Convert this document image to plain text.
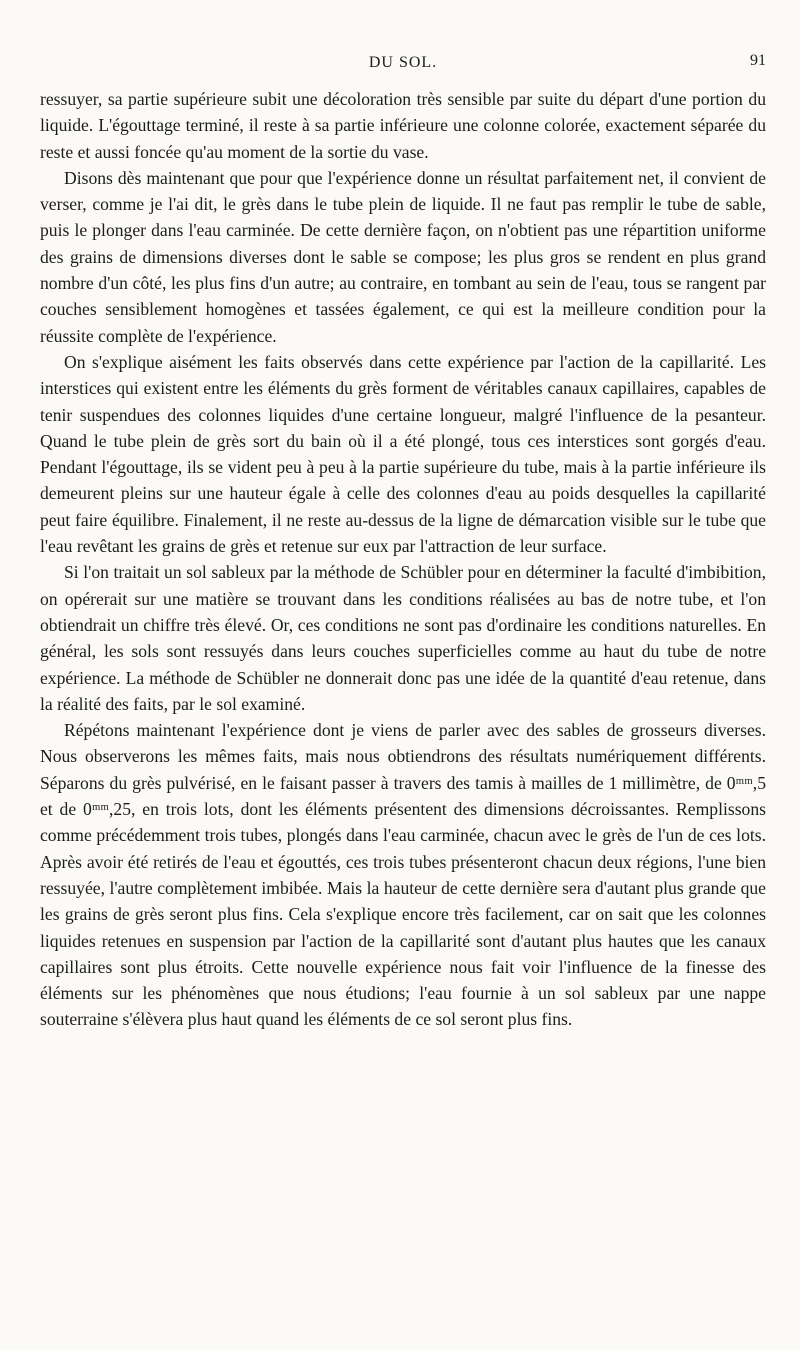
DU SOL.	91

ressuyer, sa partie supérieure subit une décoloration très sensible par suite du départ d'une portion du liquide. L'égouttage terminé, il reste à sa partie inférieure une colonne colorée, exactement séparée du reste et aussi foncée qu'au moment de la sortie du vase.

Disons dès maintenant que pour que l'expérience donne un résultat parfaitement net, il convient de verser, comme je l'ai dit, le grès dans le tube plein de liquide. Il ne faut pas remplir le tube de sable, puis le plonger dans l'eau carminée. De cette dernière façon, on n'obtient pas une répartition uniforme des grains de dimensions diverses dont le sable se compose; les plus gros se rendent en plus grand nombre d'un côté, les plus fins d'un autre; au contraire, en tombant au sein de l'eau, tous se rangent par couches sensiblement homogènes et tassées également, ce qui est la meilleure condition pour la réussite complète de l'expérience.

On s'explique aisément les faits observés dans cette expérience par l'action de la capillarité. Les interstices qui existent entre les éléments du grès forment de véritables canaux capillaires, capables de tenir suspendues des colonnes liquides d'une certaine longueur, malgré l'influence de la pesanteur. Quand le tube plein de grès sort du bain où il a été plongé, tous ces interstices sont gorgés d'eau. Pendant l'égouttage, ils se vident peu à peu à la partie supérieure du tube, mais à la partie inférieure ils demeurent pleins sur une hauteur égale à celle des colonnes d'eau au poids desquelles la capillarité peut faire équilibre. Finalement, il ne reste au-dessus de la ligne de démarcation visible sur le tube que l'eau revêtant les grains de grès et retenue sur eux par l'attraction de leur surface.

Si l'on traitait un sol sableux par la méthode de Schübler pour en déterminer la faculté d'imbibition, on opérerait sur une matière se trouvant dans les conditions réalisées au bas de notre tube, et l'on obtiendrait un chiffre très élevé. Or, ces conditions ne sont pas d'ordinaire les conditions naturelles. En général, les sols sont ressuyés dans leurs couches superficielles comme au haut du tube de notre expérience. La méthode de Schübler ne donnerait donc pas une idée de la quantité d'eau retenue, dans la réalité des faits, par le sol examiné.

Répétons maintenant l'expérience dont je viens de parler avec des sables de grosseurs diverses. Nous observerons les mêmes faits, mais nous obtiendrons des résultats numériquement différents. Séparons du grès pulvérisé, en le faisant passer à travers des tamis à mailles de 1 millimètre, de 0ᵐᵐ,5 et de 0ᵐᵐ,25, en trois lots, dont les éléments présentent des dimensions décroissantes. Remplissons comme précédemment trois tubes, plongés dans l'eau carminée, chacun avec le grès de l'un de ces lots. Après avoir été retirés de l'eau et égouttés, ces trois tubes présenteront chacun deux régions, l'une bien ressuyée, l'autre complètement imbibée. Mais la hauteur de cette dernière sera d'autant plus grande que les grains de grès seront plus fins. Cela s'explique encore très facilement, car on sait que les colonnes liquides retenues en suspension par l'action de la capillarité sont d'autant plus hautes que les canaux capillaires sont plus étroits. Cette nouvelle expérience nous fait voir l'influence de la finesse des éléments sur les phénomènes que nous étudions; l'eau fournie à un sol sableux par une nappe souterraine s'élèvera plus haut quand les éléments de ce sol seront plus fins.
